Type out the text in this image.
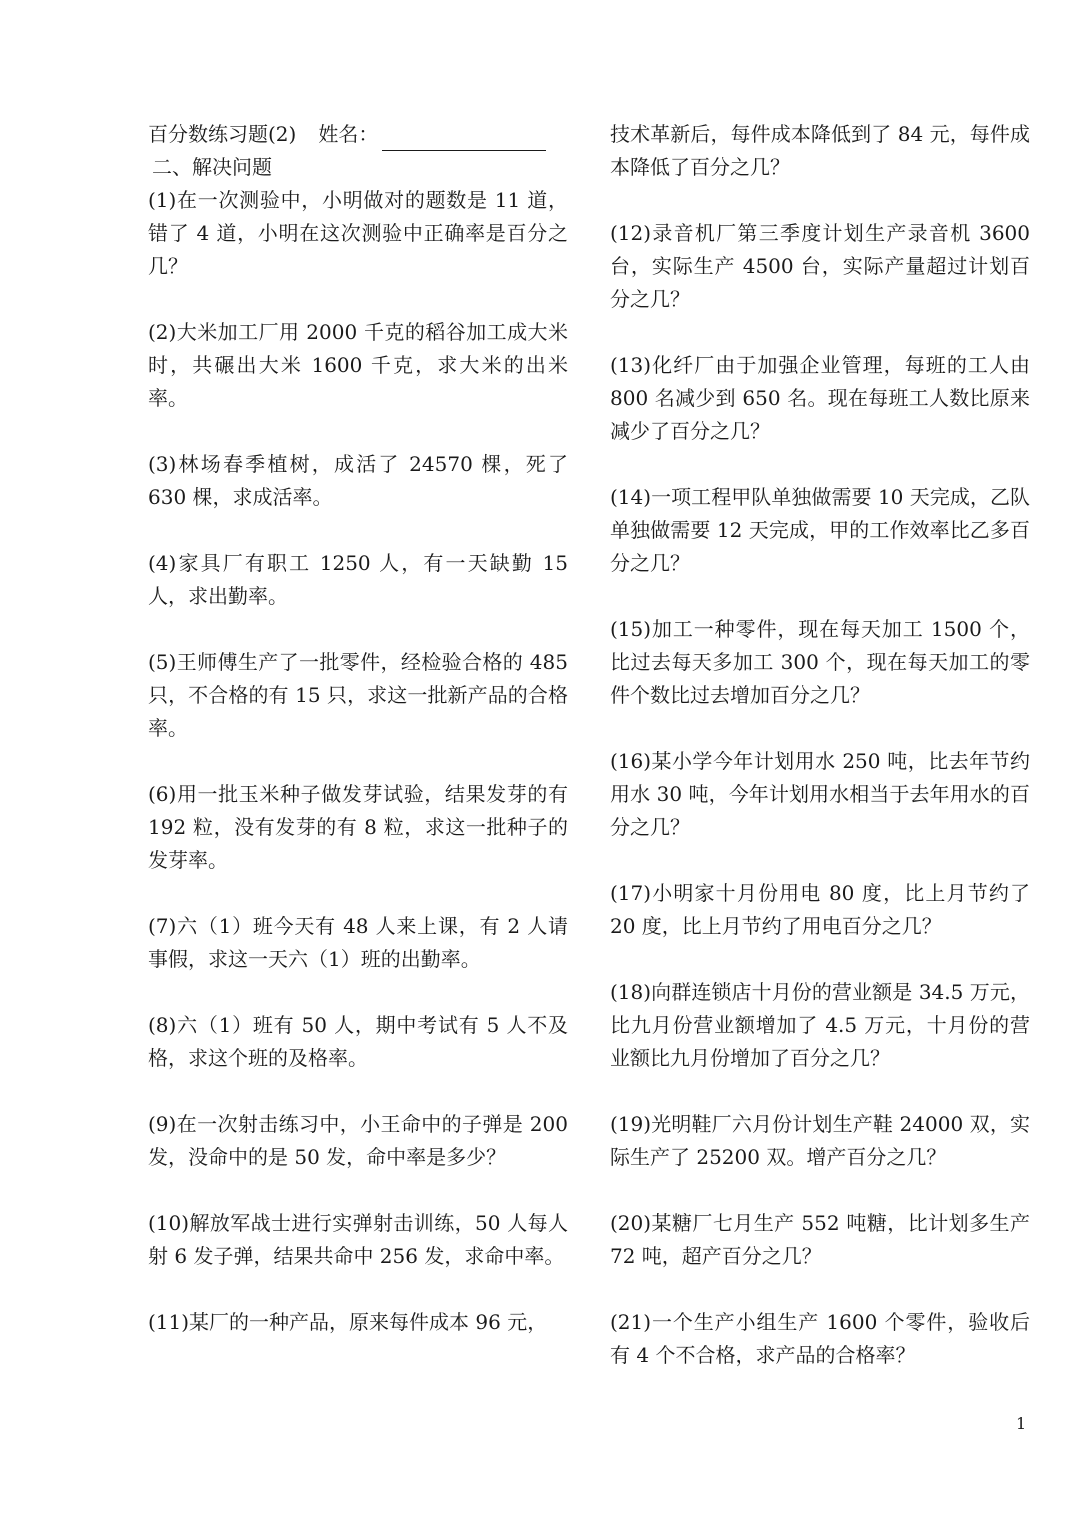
百分数练习题(2) 姓名：
二、解决问题
(1)在一次测验中，小明做对的题数是 11 道，错了 4 道，小明在这次测验中正确率是百分之几？
(2)大米加工厂用 2000 千克的稻谷加工成大米时，共碾出大米 1600 千克，求大米的出米率。
(3)林场春季植树，成活了 24570 棵，死了 630 棵，求成活率。
(4)家具厂有职工 1250 人，有一天缺勤 15 人，求出勤率。
(5)王师傅生产了一批零件，经检验合格的 485 只，不合格的有 15 只，求这一批新产品的合格率。
(6)用一批玉米种子做发芽试验，结果发芽的有 192 粒，没有发芽的有 8 粒，求这一批种子的发芽率。
(7)六（1）班今天有 48 人来上课，有 2 人请事假，求这一天六（1）班的出勤率。
(8)六（1）班有 50 人，期中考试有 5 人不及格，求这个班的及格率。
(9)在一次射击练习中，小王命中的子弹是 200 发，没命中的是 50 发，命中率是多少？
(10)解放军战士进行实弹射击训练，50 人每人射 6 发子弹，结果共命中 256 发，求命中率。
(11)某厂的一种产品，原来每件成本 96 元，
技术革新后，每件成本降低到了 84 元，每件成本降低了百分之几？
(12)录音机厂第三季度计划生产录音机 3600 台，实际生产 4500 台，实际产量超过计划百分之几？
(13)化纤厂由于加强企业管理，每班的工人由 800 名减少到 650 名。现在每班工人数比原来减少了百分之几？
(14)一项工程甲队单独做需要 10 天完成，乙队单独做需要 12 天完成，甲的工作效率比乙多百分之几？
(15)加工一种零件，现在每天加工 1500 个，比过去每天多加工 300 个，现在每天加工的零件个数比过去增加百分之几？
(16)某小学今年计划用水 250 吨，比去年节约用水 30 吨，今年计划用水相当于去年用水的百分之几？
(17)小明家十月份用电 80 度，比上月节约了 20 度，比上月节约了用电百分之几？
(18)向群连锁店十月份的营业额是 34.5 万元，比九月份营业额增加了 4.5 万元，十月份的营业额比九月份增加了百分之几？
(19)光明鞋厂六月份计划生产鞋 24000 双，实际生产了 25200 双。增产百分之几？
(20)某糖厂七月生产 552 吨糖，比计划多生产 72 吨，超产百分之几？
(21)一个生产小组生产 1600 个零件，验收后有 4 个不合格，求产品的合格率？
1
